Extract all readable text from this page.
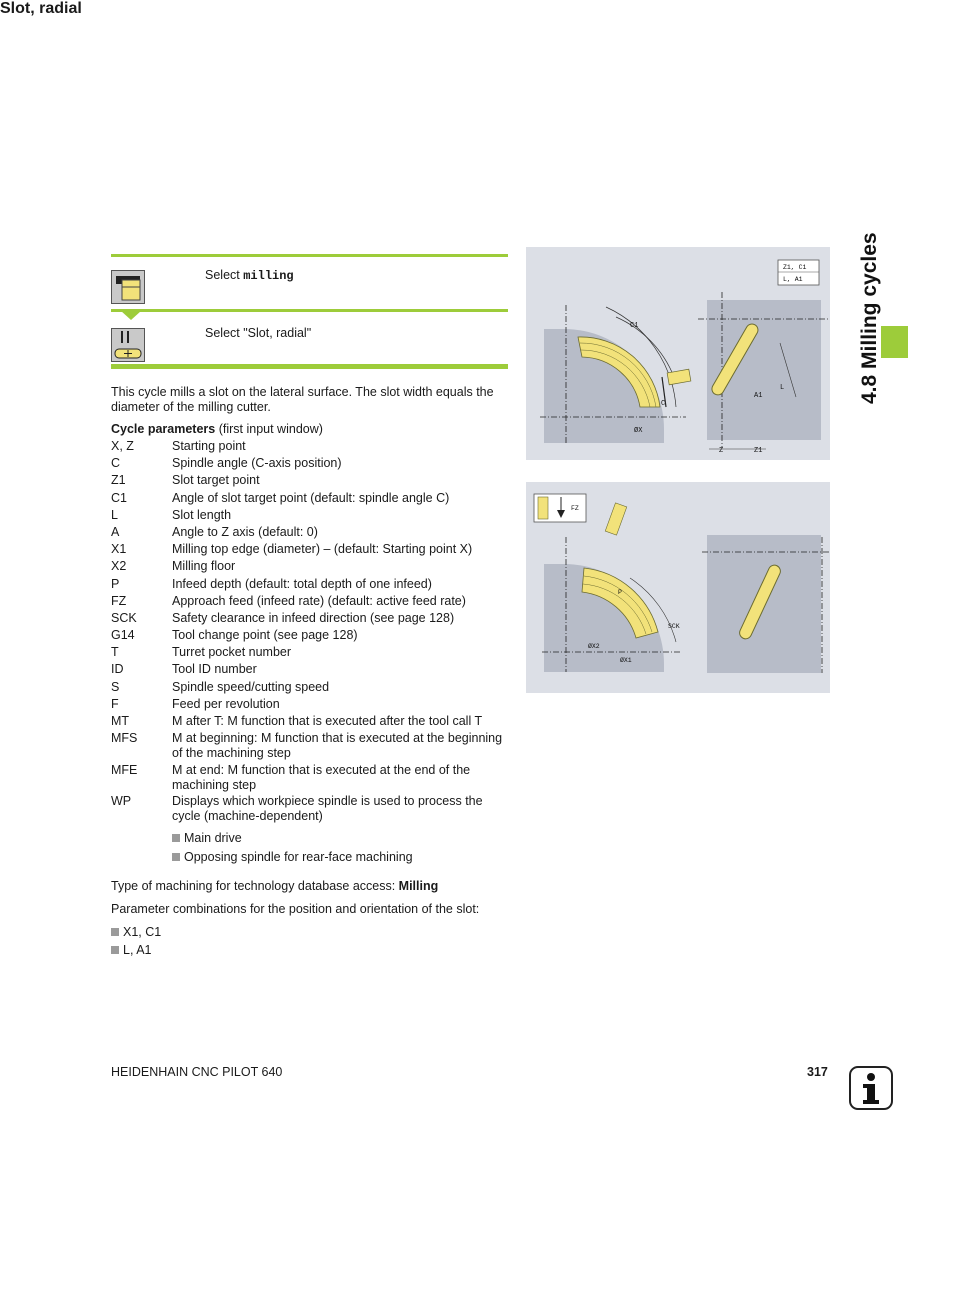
Slot, radial
Select milling
Select "Slot, radial"
This cycle mills a slot on the lateral surface. The slot width equals the diameter of the milling cutter.
Cycle parameters (first input window)
X, Z	Starting point
C	Spindle angle (C-axis position)
Z1	Slot target point
C1	Angle of slot target point (default: spindle angle C)
L	Slot length
A	Angle to Z axis (default: 0)
X1	Milling top edge (diameter) – (default: Starting point X)
X2	Milling floor
P	Infeed depth (default: total depth of one infeed)
FZ	Approach feed (infeed rate) (default: active feed rate)
SCK	Safety clearance in infeed direction (see page 128)
G14	Tool change point (see page 128)
T	Turret pocket number
ID	Tool ID number
S	Spindle speed/cutting speed
F	Feed per revolution
MT	M after T: M function that is executed after the tool call T
MFS	M at beginning: M function that is executed at the beginning of the machining step
MFE	M at end: M function that is executed at the end of the machining step
WP	Displays which workpiece spindle is used to process the cycle (machine-dependent)
Main drive
Opposing spindle for rear-face machining
Type of machining for technology database access: Milling
Parameter combinations for the position and orientation of the slot:
X1, C1
L, A1
C1
C
ØX
L
A1
Z	Z1
Z1, C1
L, A1
FZ
P
SCK
ØX2
ØX1
4.8 Milling cycles
HEIDENHAIN CNC PILOT 640	317
